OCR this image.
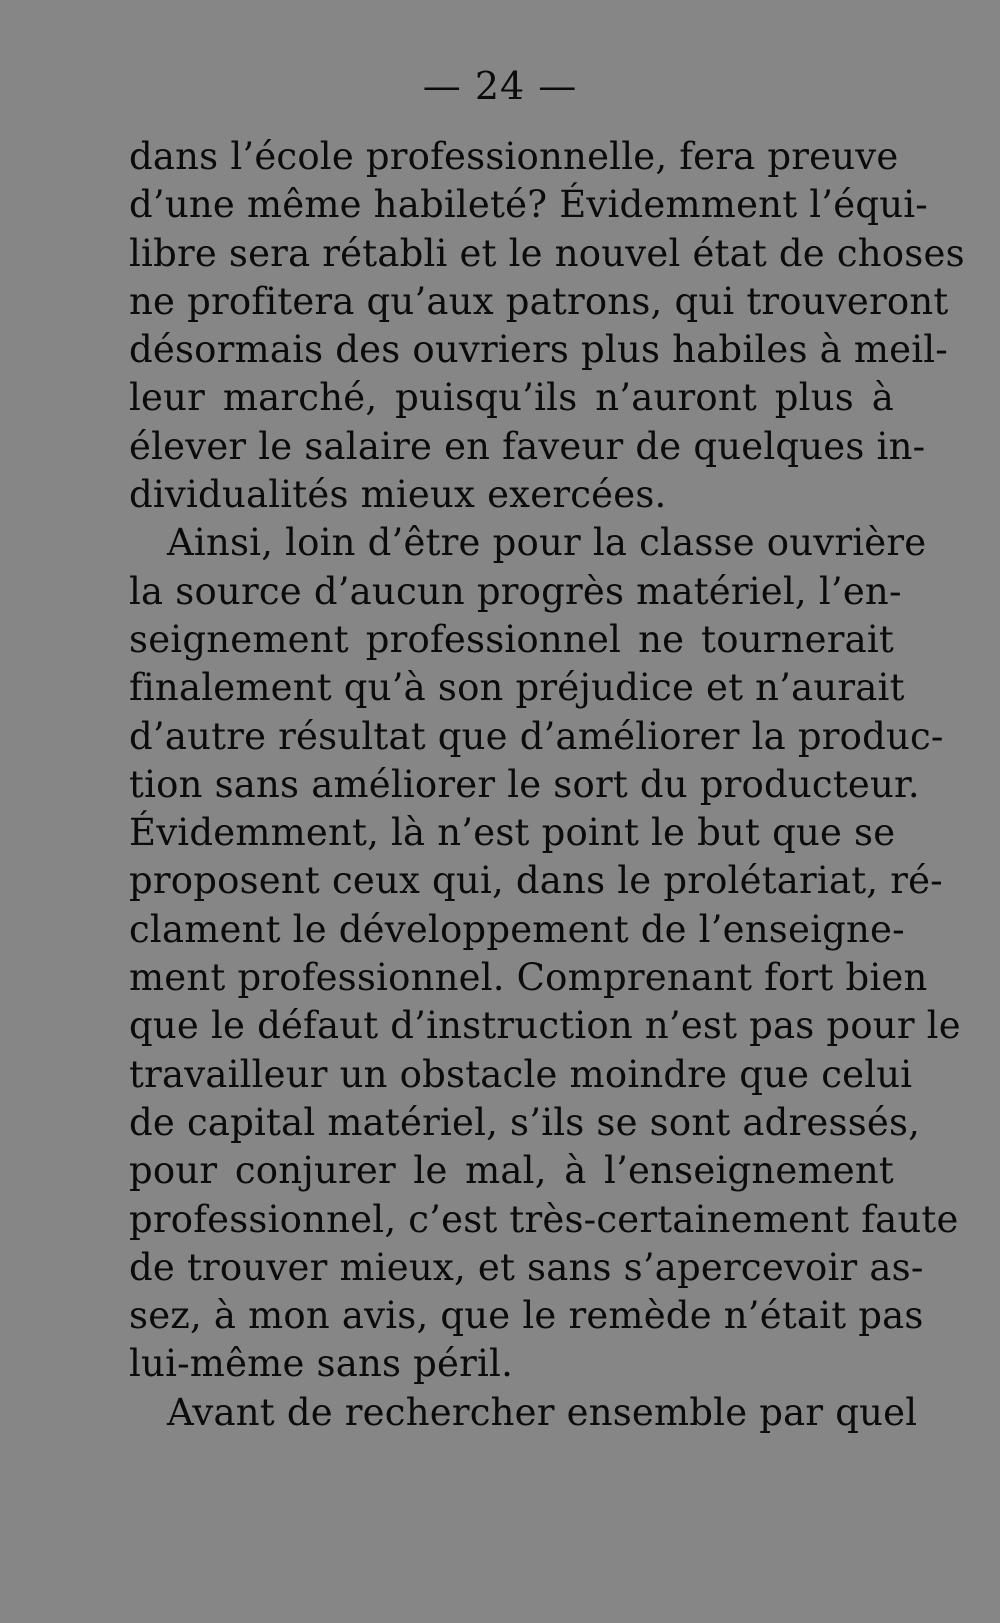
— 24 —
dans l’école professionnelle, fera preuve
d’une même habileté? Évidemment l’équi-
libre sera rétabli et le nouvel état de choses
ne profitera qu’aux patrons, qui trouveront
désormais des ouvriers plus habiles à meil-
leur marché, puisqu’ils n’auront plus à
élever le salaire en faveur de quelques in-
dividualités mieux exercées.
Ainsi, loin d’être pour la classe ouvrière
la source d’aucun progrès matériel, l’en-
seignement professionnel ne tournerait
finalement qu’à son préjudice et n’aurait
d’autre résultat que d’améliorer la produc-
tion sans améliorer le sort du producteur.
Évidemment, là n’est point le but que se
proposent ceux qui, dans le prolétariat, ré-
clament le développement de l’enseigne-
ment professionnel. Comprenant fort bien
que le défaut d’instruction n’est pas pour le
travailleur un obstacle moindre que celui
de capital matériel, s’ils se sont adressés,
pour conjurer le mal, à l’enseignement
professionnel, c’est très-certainement faute
de trouver mieux, et sans s’apercevoir as-
sez, à mon avis, que le remède n’était pas
lui-même sans péril.
Avant de rechercher ensemble par quel
